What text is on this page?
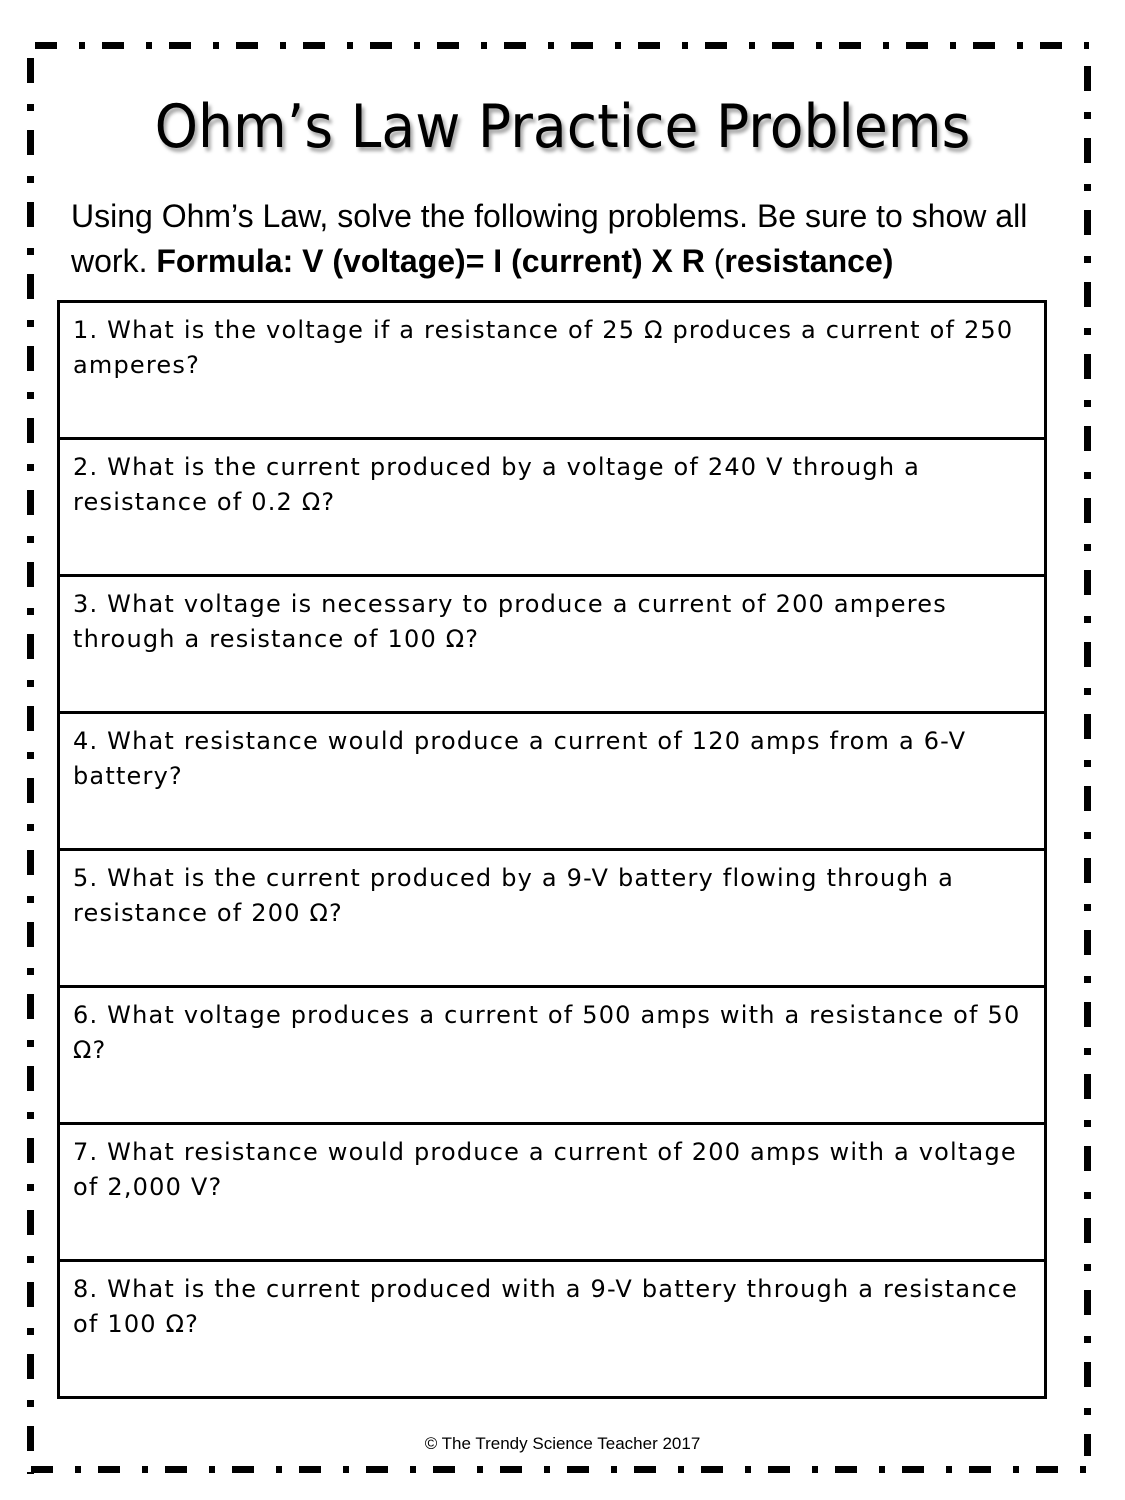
Ohm’s Law Practice Problems
Using Ohm’s Law, solve the following problems. Be sure to show all work. Formula: V (voltage)= I (current) X R (resistance)
1. What is the voltage if a resistance of 25 Ω produces a current of 250 amperes?
2. What is the current produced by a voltage of 240 V through a resistance of 0.2 Ω?
3. What voltage is necessary to produce a current of 200 amperes through a resistance of 100 Ω?
4. What resistance would produce a current of 120 amps from a 6-V battery?
5. What is the current produced by a 9-V battery flowing through a resistance of 200 Ω?
6. What voltage produces a current of 500 amps with a resistance of 50 Ω?
7. What resistance would produce a current of 200 amps with a voltage of 2,000 V?
8. What is the current produced with a 9-V battery through a resistance of 100 Ω?
© The Trendy Science Teacher 2017
